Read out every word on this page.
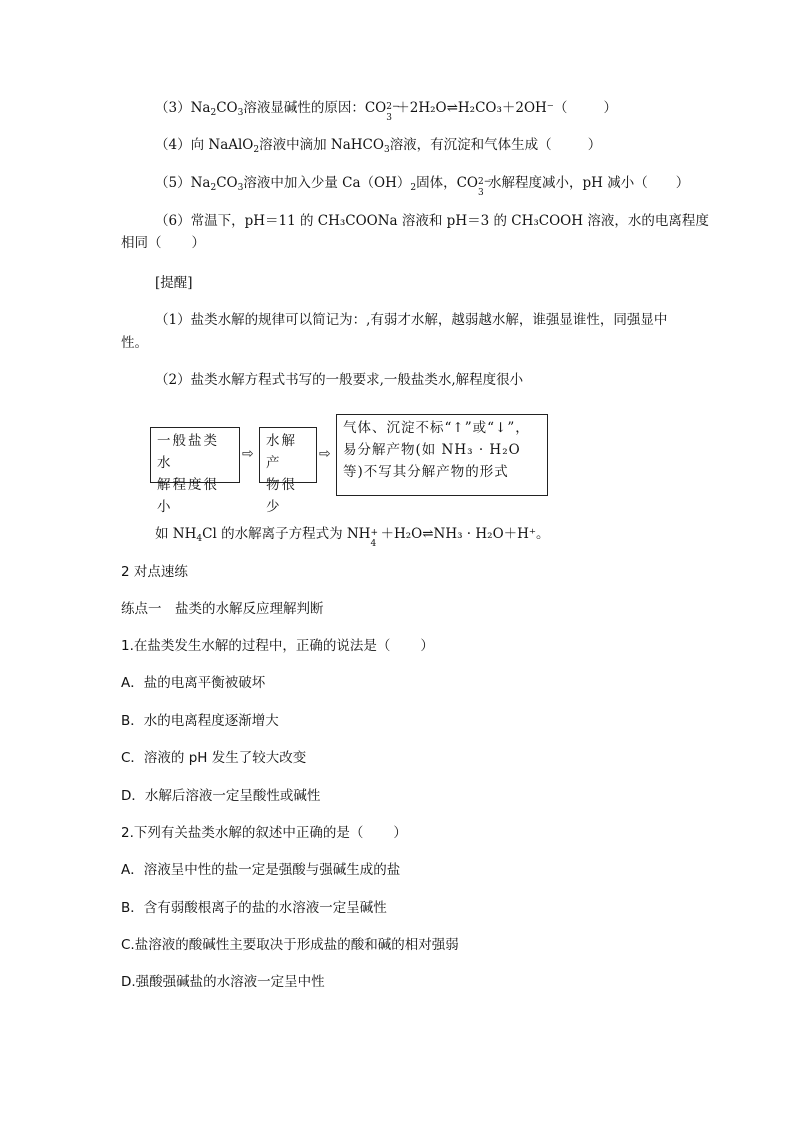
$(3)Na_2CO_3$溶液显碱性的原因：CO 2−
3
＋2H₂O⇌H₂CO₃＋2OH⁻（	）
（4）向 NaAlO$_2$溶液中滴加 NaHCO$_3$溶液，有沉淀和气体生成（	）
$(5)Na_2CO_3$溶液中加入少量 $Ca(OH)_2$固体，CO 2−
3
水解程度减小，pH 减小（ ）
（6）常温下，pH＝11 的 CH₃COONa 溶液和 pH＝3 的 CH₃COOH 溶液，水的电离程度
相同（ ）
[提醒]
（1）盐类水解的规律可以简记为：,有弱才水解，越弱越水解，谁强显谁性，同强显中
性。
（2）盐类水解方程式书写的一般要求,一般盐类水,解程度很小
一般盐类水
解程度很小
⇨
水解产
物很少
⇨
气体、沉淀不标“↑”或“↓”，
易分解产物(如 NH₃ · H₂O
等)不写其分解产物的形式
如 $NH_4Cl$ 的水解离子方程式为 NH +
4
＋H₂O⇌NH₃ · H₂O＋H⁺。
2 对点速练
练点一　盐类的水解反应理解判断
1.在盐类发生水解的过程中，正确的说法是（ ）
A．盐的电离平衡被破坏
B．水的电离程度逐渐增大
C．溶液的 pH 发生了较大改变
D．水解后溶液一定呈酸性或碱性
2.下列有关盐类水解的叙述中正确的是（ ）
A．溶液呈中性的盐一定是强酸与强碱生成的盐
B．含有弱酸根离子的盐的水溶液一定呈碱性
C.盐溶液的酸碱性主要取决于形成盐的酸和碱的相对强弱
D.强酸强碱盐的水溶液一定呈中性
